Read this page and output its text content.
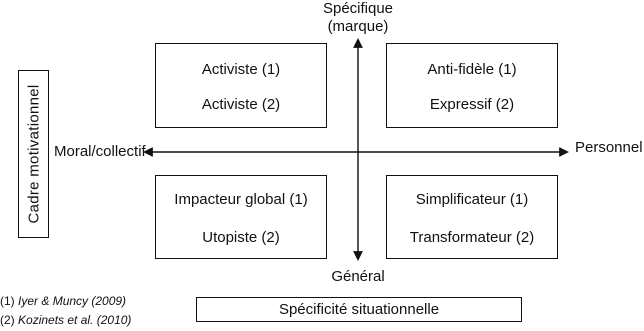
Spécifique
(marque)
Général
Moral/collectif	Personnel
Activiste (1)
Activiste (2)
Anti-fidèle (1)
Expressif (2)
Impacteur global (1)
Utopiste (2)
Simplificateur (1)
Transformateur (2)
Cadre motivationnel
Spécificité situationnelle
(1) Iyer & Muncy (2009)
(2) Kozinets et al. (2010)
